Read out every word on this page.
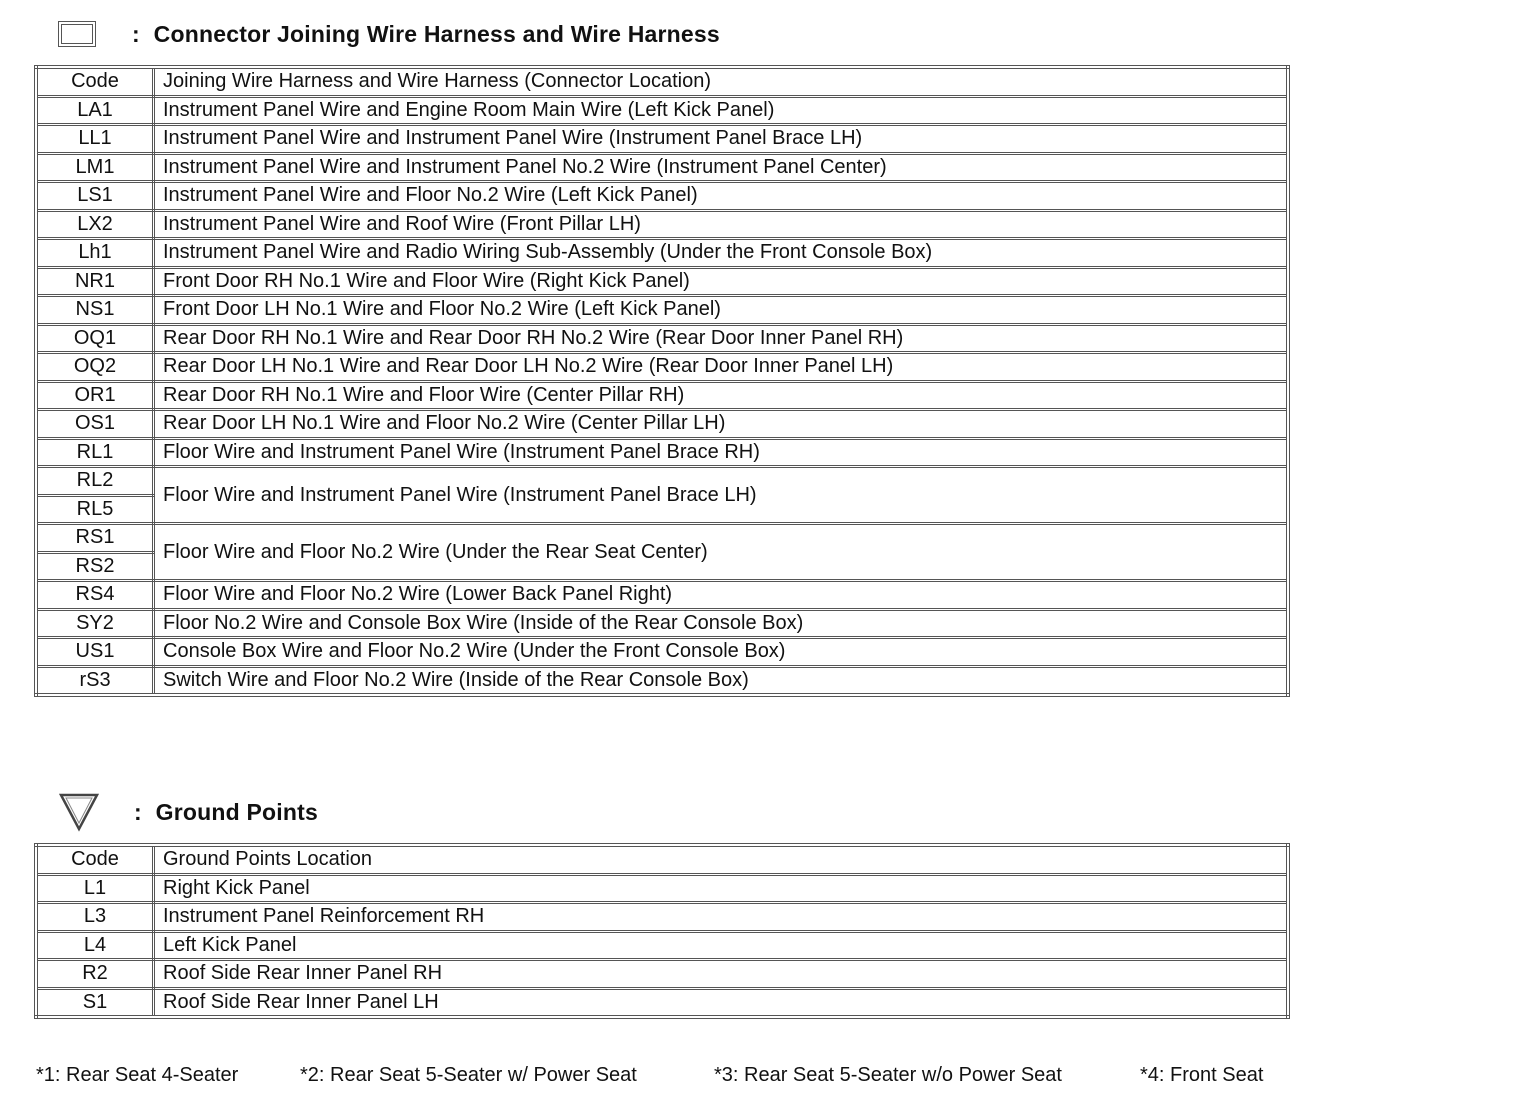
: Connector Joining Wire Harness and Wire Harness
Code	Joining Wire Harness and Wire Harness (Connector Location)
LA1	Instrument Panel Wire and Engine Room Main Wire (Left Kick Panel)
LL1	Instrument Panel Wire and Instrument Panel Wire (Instrument Panel Brace LH)
LM1	Instrument Panel Wire and Instrument Panel No.2 Wire (Instrument Panel Center)
LS1	Instrument Panel Wire and Floor No.2 Wire (Left Kick Panel)
LX2	Instrument Panel Wire and Roof Wire (Front Pillar LH)
Lh1	Instrument Panel Wire and Radio Wiring Sub-Assembly (Under the Front Console Box)
NR1	Front Door RH No.1 Wire and Floor Wire (Right Kick Panel)
NS1	Front Door LH No.1 Wire and Floor No.2 Wire (Left Kick Panel)
OQ1	Rear Door RH No.1 Wire and Rear Door RH No.2 Wire (Rear Door Inner Panel RH)
OQ2	Rear Door LH No.1 Wire and Rear Door LH No.2 Wire (Rear Door Inner Panel LH)
OR1	Rear Door RH No.1 Wire and Floor Wire (Center Pillar RH)
OS1	Rear Door LH No.1 Wire and Floor No.2 Wire (Center Pillar LH)
RL1	Floor Wire and Instrument Panel Wire (Instrument Panel Brace RH)
RL2	Floor Wire and Instrument Panel Wire (Instrument Panel Brace LH)
RL5	
RS1	Floor Wire and Floor No.2 Wire (Under the Rear Seat Center)
RS2	
RS4	Floor Wire and Floor No.2 Wire (Lower Back Panel Right)
SY2	Floor No.2 Wire and Console Box Wire (Inside of the Rear Console Box)
US1	Console Box Wire and Floor No.2 Wire (Under the Front Console Box)
rS3	Switch Wire and Floor No.2 Wire (Inside of the Rear Console Box)
: Ground Points
Code	Ground Points Location
L1	Right Kick Panel
L3	Instrument Panel Reinforcement RH
L4	Left Kick Panel
R2	Roof Side Rear Inner Panel RH
S1	Roof Side Rear Inner Panel LH
*1: Rear Seat 4-Seater	*2: Rear Seat 5-Seater w/ Power Seat	*3: Rear Seat 5-Seater w/o Power Seat	*4: Front Seat
